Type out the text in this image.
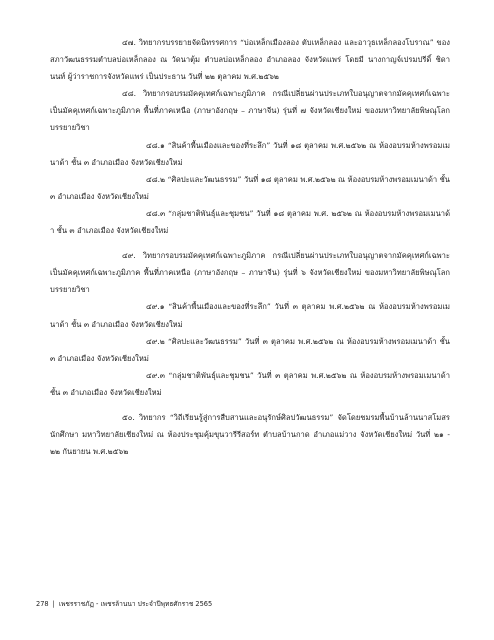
๔๗. วิทยากรบรรยายจัดนิทรรศการ “บ่อเหล็กเมืองลอง ตับเหล็กลอง และอาวุธเหล็กลองโบราณ” ของสภาวัฒนธรรมตำบลบ่อเหล็กลอง ณ วัดนาตุ้ม ตำบลบ่อเหล็กลอง อำเภอลอง จังหวัดแพร่ โดยมี นางกาญจ์เปรมปรีดิ์ ชิดานนท์ ผู้ว่าราชการจังหวัดแพร่ เป็นประธาน วันที่ ๒๒ ตุลาคม พ.ศ.๒๕๖๒

๔๘. วิทยากรอบรมมัคคุเทศก์เฉพาะภูมิภาค กรณีเปลี่ยนผ่านประเภทใบอนุญาตจากมัคคุเทศก์เฉพาะเป็นมัคคุเทศก์เฉพาะภูมิภาค พื้นที่ภาคเหนือ (ภาษาอังกฤษ – ภาษาจีน) รุ่นที่ ๗ จังหวัดเชียงใหม่ ของมหาวิทยาลัยพิษณุโลก บรรยายวิชา

๔๘.๑ “สินค้าพื้นเมืองและของที่ระลึก” วันที่ ๑๘ ตุลาคม พ.ศ.๒๕๖๒ ณ ห้องอบรมห้างพรอมเมนาด้า ชั้น ๓ อำเภอเมือง จังหวัดเชียงใหม่

๔๘.๒ “ศิลปะและวัฒนธรรม” วันที่ ๑๘ ตุลาคม พ.ศ.๒๕๖๒ ณ ห้องอบรมห้างพรอมเมนาด้า ชั้น ๓ อำเภอเมือง จังหวัดเชียงใหม่

๔๘.๓ “กลุ่มชาติพันธุ์และชุมชน” วันที่ ๑๘ ตุลาคม พ.ศ. ๒๕๖๒ ณ ห้องอบรมห้างพรอมเมนาด้า ชั้น ๓ อำเภอเมือง จังหวัดเชียงใหม่

๔๙. วิทยากรอบรมมัคคุเทศก์เฉพาะภูมิภาค กรณีเปลี่ยนผ่านประเภทใบอนุญาตจากมัคคุเทศก์เฉพาะเป็นมัคคุเทศก์เฉพาะภูมิภาค พื้นที่ภาคเหนือ (ภาษาอังกฤษ – ภาษาจีน) รุ่นที่ ๖ จังหวัดเชียงใหม่ ของมหาวิทยาลัยพิษณุโลก บรรยายวิชา

๔๙.๑ “สินค้าพื้นเมืองและของที่ระลึก” วันที่ ๓ ตุลาคม พ.ศ.๒๕๖๒ ณ ห้องอบรมห้างพรอมเมนาด้า ชั้น ๓ อำเภอเมือง จังหวัดเชียงใหม่

๔๙.๒ “ศิลปะและวัฒนธรรม” วันที่ ๓ ตุลาคม พ.ศ.๒๕๖๒ ณ ห้องอบรมห้างพรอมเมนาด้า ชั้น ๓ อำเภอเมือง จังหวัดเชียงใหม่

๔๙.๓ “กลุ่มชาติพันธุ์และชุมชน” วันที่ ๓ ตุลาคม พ.ศ.๒๕๖๒ ณ ห้องอบรมห้างพรอมเมนาด้า ชั้น ๓ อำเภอเมือง จังหวัดเชียงใหม่

๕๐. วิทยากร “วิถีเรียนรู้สู่การสืบสานและอนุรักษ์ศิลปวัฒนธรรม” จัดโดยชมรมพื้นบ้านล้านนาสโมสรนักศึกษา มหาวิทยาลัยเชียงใหม่ ณ ห้องประชุมคุ้มขุนวารีรีสอร์ท ตำบลบ้านกาด อำเภอแม่วาง จังหวัดเชียงใหม่ วันที่ ๒๑ - ๒๒ กันยายน พ.ศ.๒๕๖๒

278 | เพชรราชภัฏ - เพชรล้านนา ประจำปีพุทธศักราช 2565
